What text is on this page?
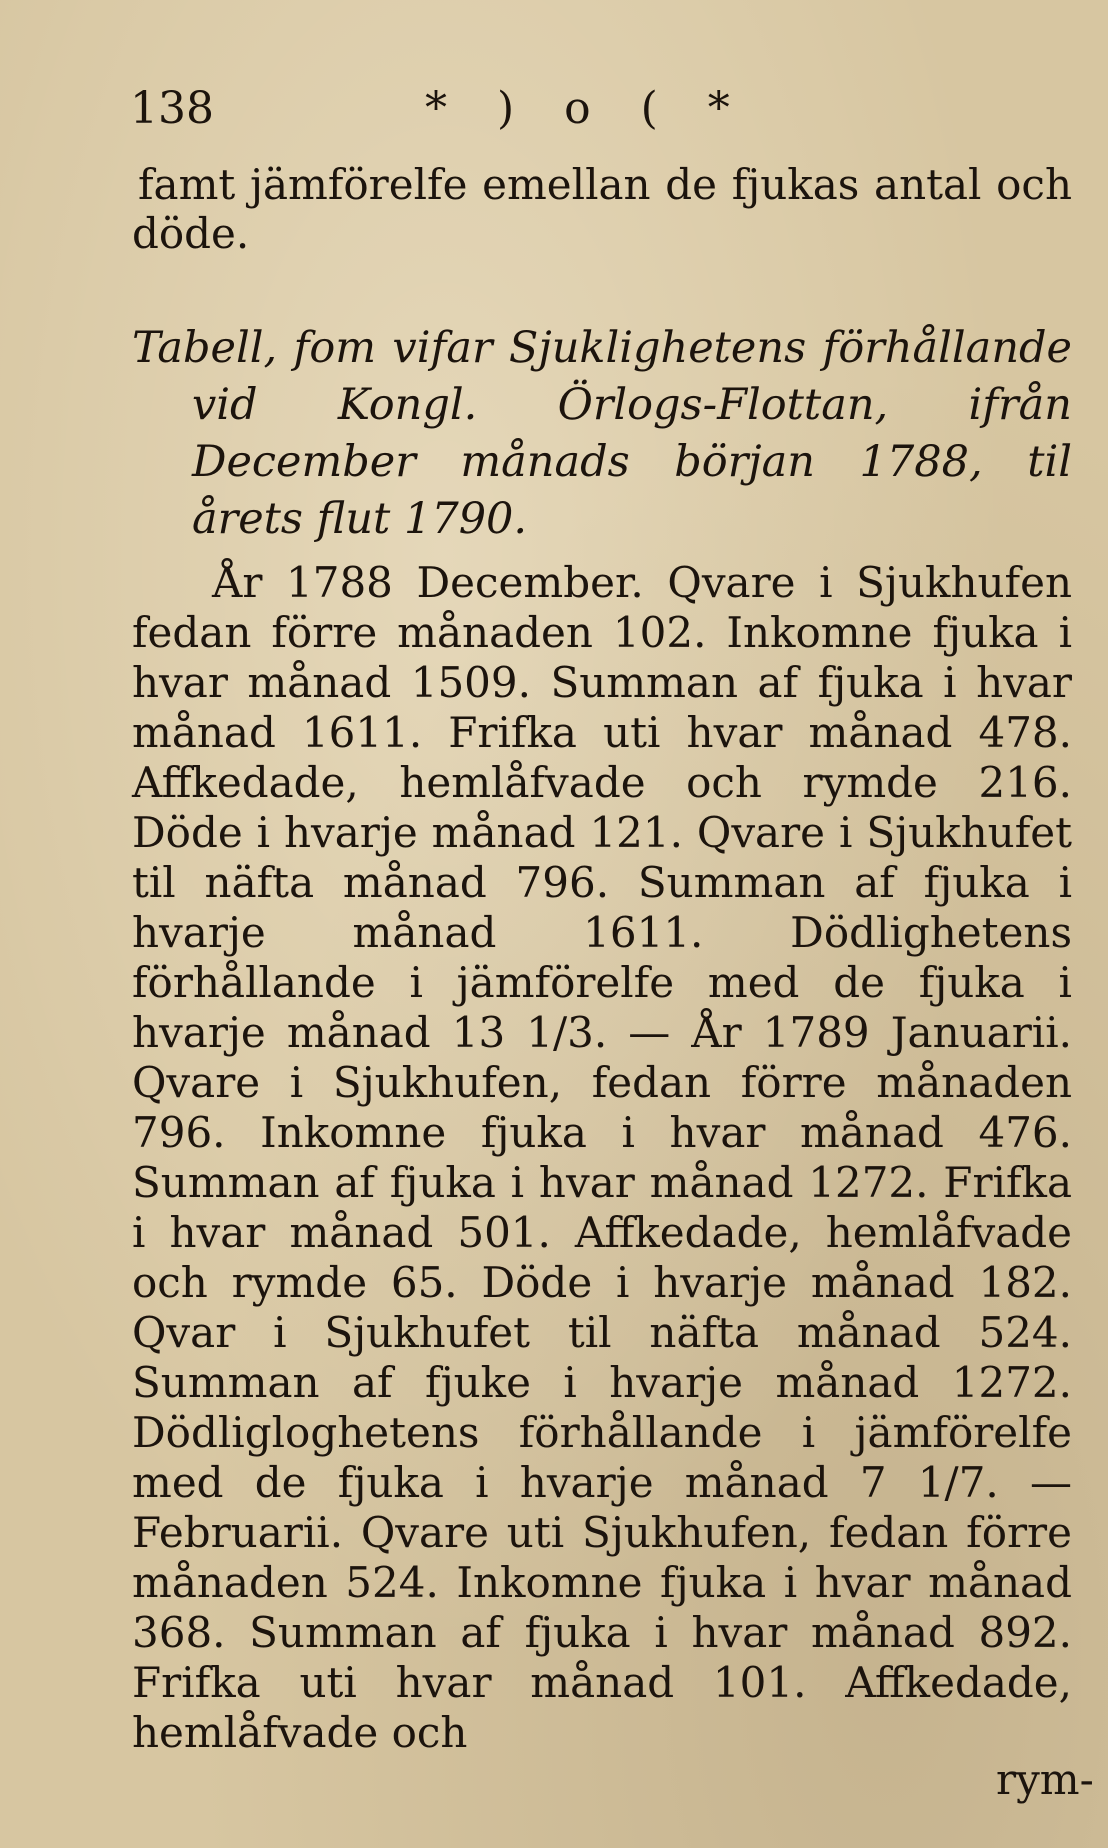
138	* ) o ( *

famt jämförelfe emellan de fjukas antal och döde.

Tabell, fom vifar Sjuklighetens förhållande vid Kongl. Örlogs-Flottan, ifrån December månads början 1788, til årets flut 1790.

År 1788 December. Qvare i Sjukhufen fedan förre månaden 102. Inkomne fjuka i hvar månad 1509. Summan af fjuka i hvar månad 1611. Frifka uti hvar månad 478. Affkedade, hemlåfvade och rymde 216. Döde i hvarje månad 121. Qvare i Sjukhufet til näfta månad 796. Summan af fjuka i hvarje månad 1611. Dödlighetens förhållande i jämförelfe med de fjuka i hvarje månad 13 1/3. — År 1789 Januarii. Qvare i Sjukhufen, fedan förre månaden 796. Inkomne fjuka i hvar månad 476. Summan af fjuka i hvar månad 1272. Frifka i hvar månad 501. Affkedade, hemlåfvade och rymde 65. Döde i hvarje månad 182. Qvar i Sjukhufet til näfta månad 524. Summan af fjuke i hvarje månad 1272. Dödligloghetens förhållande i jämförelfe med de fjuka i hvarje månad 7 1/7. — Februarii. Qvare uti Sjukhufen, fedan förre månaden 524. Inkomne fjuka i hvar månad 368. Summan af fjuka i hvar månad 892. Frifka uti hvar månad 101. Affkedade, hemlåfvade och

rym-
